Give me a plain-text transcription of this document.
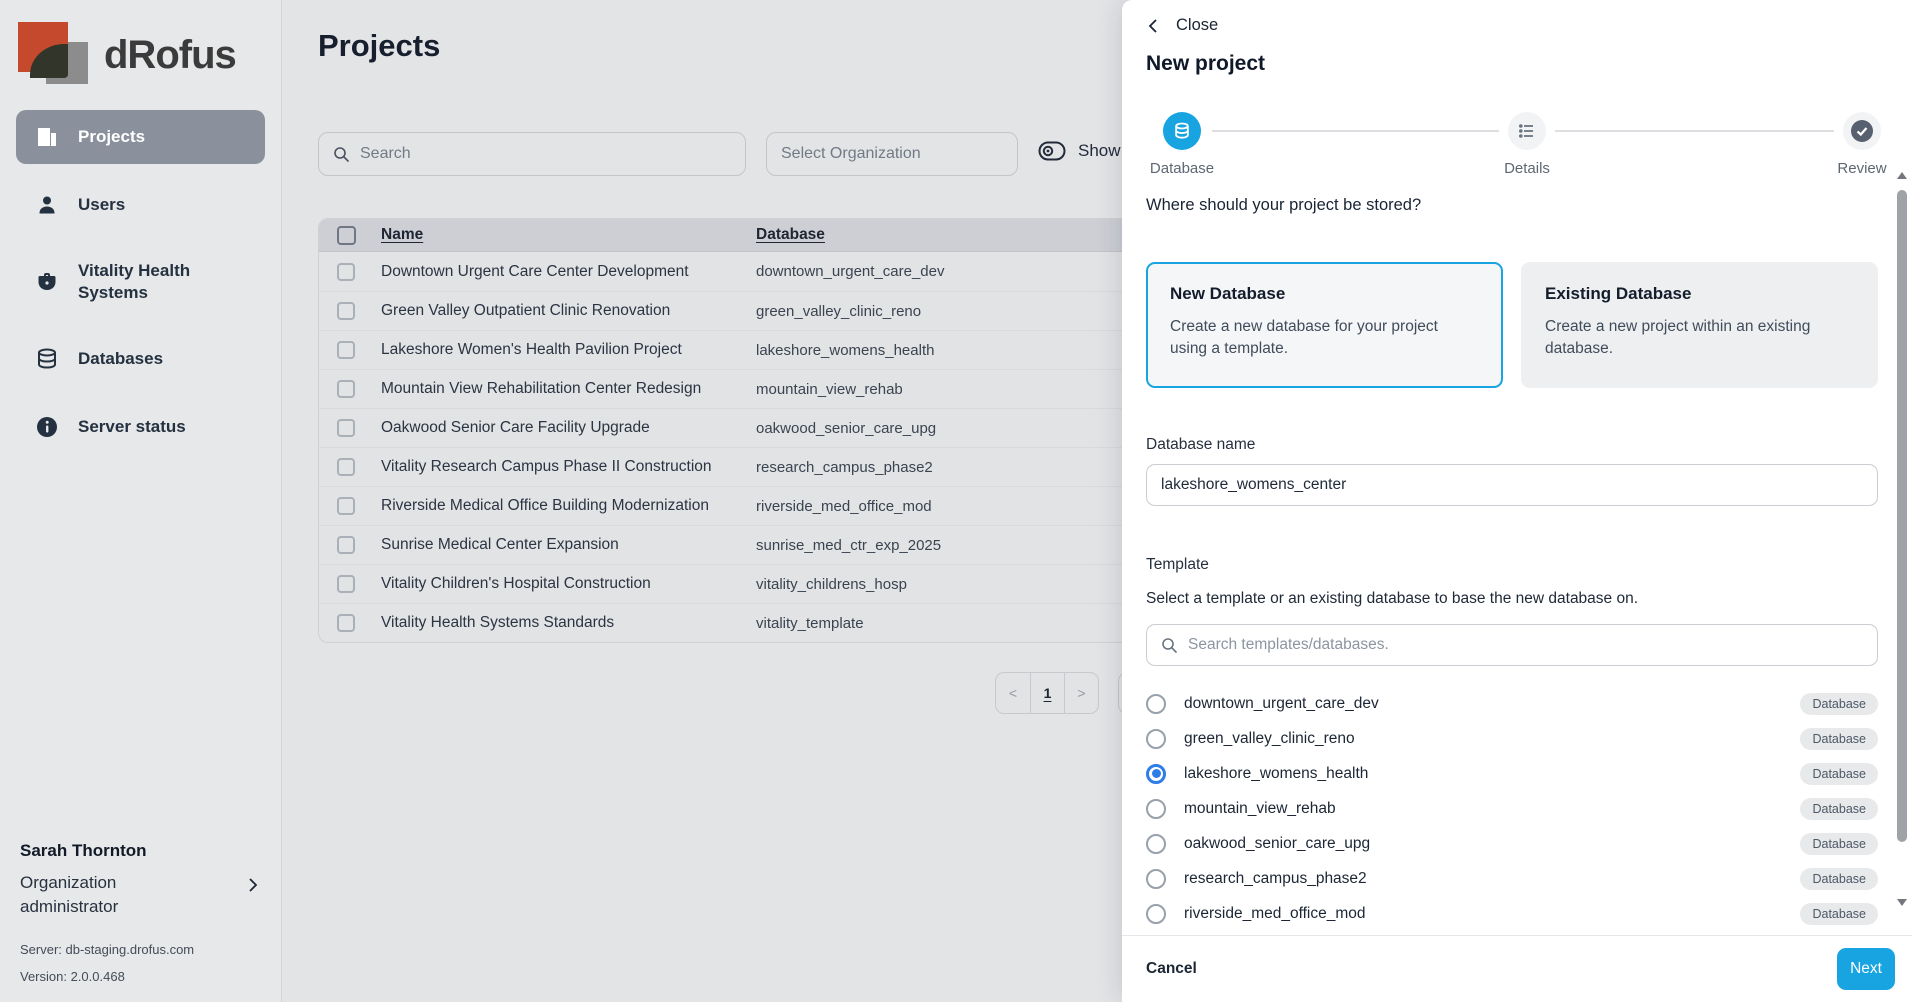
dRofus
Projects
Users
Vitality Health Systems
Databases
Server status
Sarah Thornton
Organization administrator
Server: db-staging.drofus.com
Version: 2.0.0.468
Projects
Search	Select Organization	Show
Name	Database
Downtown Urgent Care Center Development	downtown_urgent_care_dev
Green Valley Outpatient Clinic Renovation	green_valley_clinic_reno
Lakeshore Women's Health Pavilion Project	lakeshore_womens_health
Mountain View Rehabilitation Center Redesign	mountain_view_rehab
Oakwood Senior Care Facility Upgrade	oakwood_senior_care_upg
Vitality Research Campus Phase II Construction	research_campus_phase2
Riverside Medical Office Building Modernization	riverside_med_office_mod
Sunrise Medical Center Expansion	sunrise_med_ctr_exp_2025
Vitality Children's Hospital Construction	vitality_childrens_hosp
Vitality Health Systems Standards	vitality_template
<	1	>
Close
New project
Database	Details	Review
Where should your project be stored?
New Database
Create a new database for your project using a template.
Existing Database
Create a new project within an existing database.
Database name
lakeshore_womens_center
Template
Select a template or an existing database to base the new database on.
Search templates/databases.
downtown_urgent_care_dev	Database
green_valley_clinic_reno	Database
lakeshore_womens_health	Database
mountain_view_rehab	Database
oakwood_senior_care_upg	Database
research_campus_phase2	Database
riverside_med_office_mod	Database
Cancel	Next
